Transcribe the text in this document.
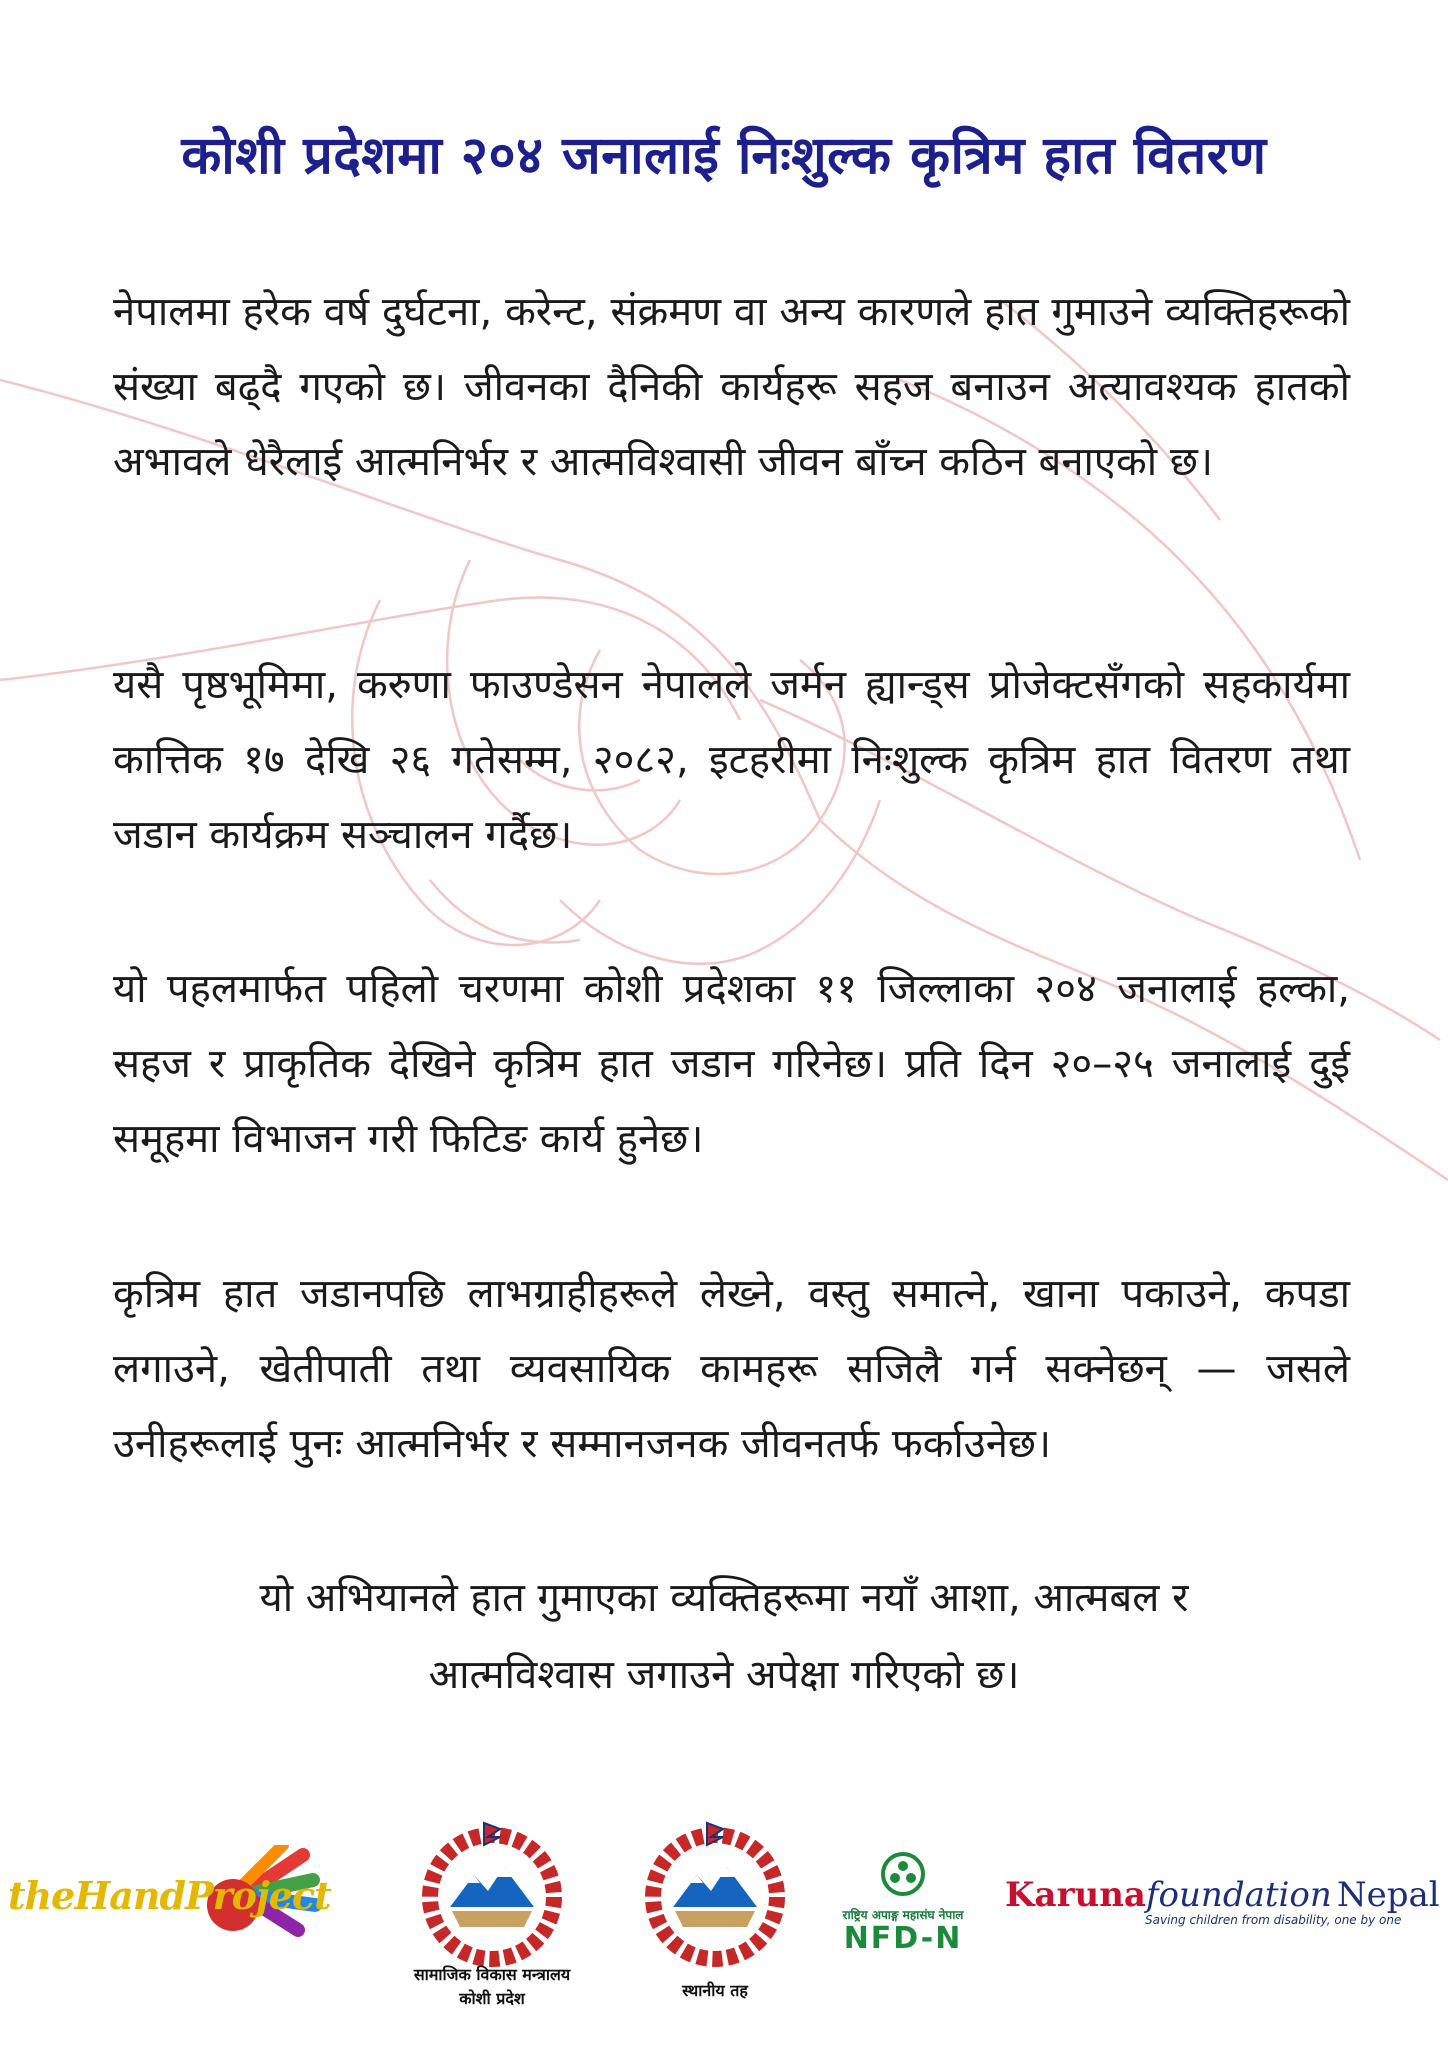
कोशी प्रदेशमा २०४ जनालाई निःशुल्क कृत्रिम हात वितरण

नेपालमा हरेक वर्ष दुर्घटना, करेन्ट, संक्रमण वा अन्य कारणले हात गुमाउने व्यक्तिहरूको संख्या बढ्दै गएको छ। जीवनका दैनिकी कार्यहरू सहज बनाउन अत्यावश्यक हातको अभावले धेरैलाई आत्मनिर्भर र आत्मविश्वासी जीवन बाँच्न कठिन बनाएको छ।

यसै पृष्ठभूमिमा, करुणा फाउण्डेसन नेपालले जर्मन ह्यान्ड्स प्रोजेक्टसँगको सहकार्यमा कात्तिक १७ देखि २६ गतेसम्म, २०८२, इटहरीमा निःशुल्क कृत्रिम हात वितरण तथा जडान कार्यक्रम सञ्चालन गर्दैछ।

यो पहलमार्फत पहिलो चरणमा कोशी प्रदेशका ११ जिल्लाका २०४ जनालाई हल्का, सहज र प्राकृतिक देखिने कृत्रिम हात जडान गरिनेछ। प्रति दिन २०–२५ जनालाई दुई समूहमा विभाजन गरी फिटिङ कार्य हुनेछ।

कृत्रिम हात जडानपछि लाभग्राहीहरूले लेख्ने, वस्तु समात्ने, खाना पकाउने, कपडा लगाउने, खेतीपाती तथा व्यवसायिक कामहरू सजिलै गर्न सक्नेछन् — जसले उनीहरूलाई पुनः आत्मनिर्भर र सम्मानजनक जीवनतर्फ फर्काउनेछ।

यो अभियानले हात गुमाएका व्यक्तिहरूमा नयाँ आशा, आत्मबल र
आत्मविश्वास जगाउने अपेक्षा गरिएको छ।
theHandProject
सामाजिक विकास मन्त्रालय
कोशी प्रदेश	स्थानीय तह
राष्ट्रिय अपाङ्ग महासंघ नेपाल
NFD-N
Karunafoundation Nepal
Saving children from disability, one by one
